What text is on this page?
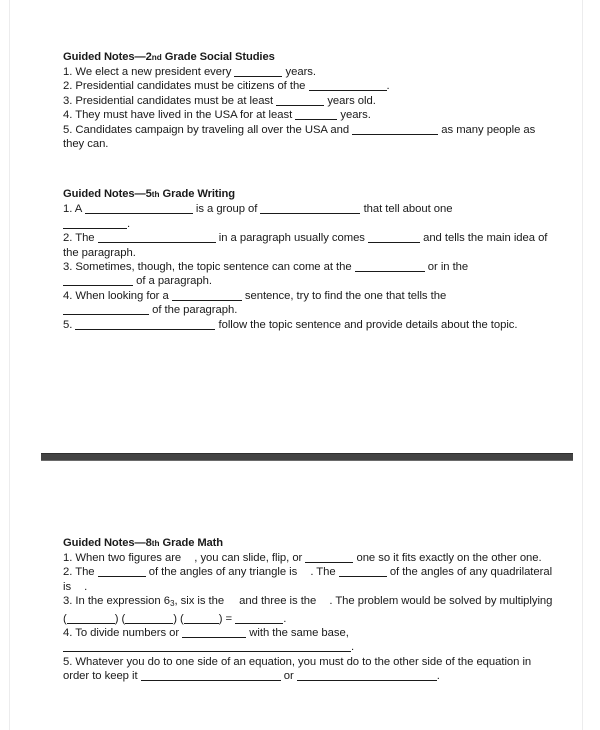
Guided Notes—2nd Grade Social Studies
1. We elect a new president every	years.
2. Presidential candidates must be citizens of the	.
3. Presidential candidates must be at least	years old.
4. They must have lived in the USA for at least	years.
5. Candidates campaign by traveling all over the USA and	as many people as they can.
Guided Notes—5th Grade Writing
1. A	is a group of	that tell about one
.
2. The	in a paragraph usually comes	and tells the main idea of the paragraph.
3. Sometimes, though, the topic sentence can come at the	or in the
of a paragraph.
4. When looking for a	sentence, try to find the one that tells the
of the paragraph.
5.	follow the topic sentence and provide details about the topic.
Guided Notes—8th Grade Math
1. When two figures are , you can slide, flip, or	one so it fits exactly on the other one.
2. The	of the angles of any triangle is . The	of the angles of any quadrilateral is .
3. In the expression $6_3$, six is the and three is the . The problem would be solved by multiplying (	) (	) (	) =	.
4. To divide numbers or	with the same base,
.
5. Whatever you do to one side of an equation, you must do to the other side of the equation in order to keep it	or	.
